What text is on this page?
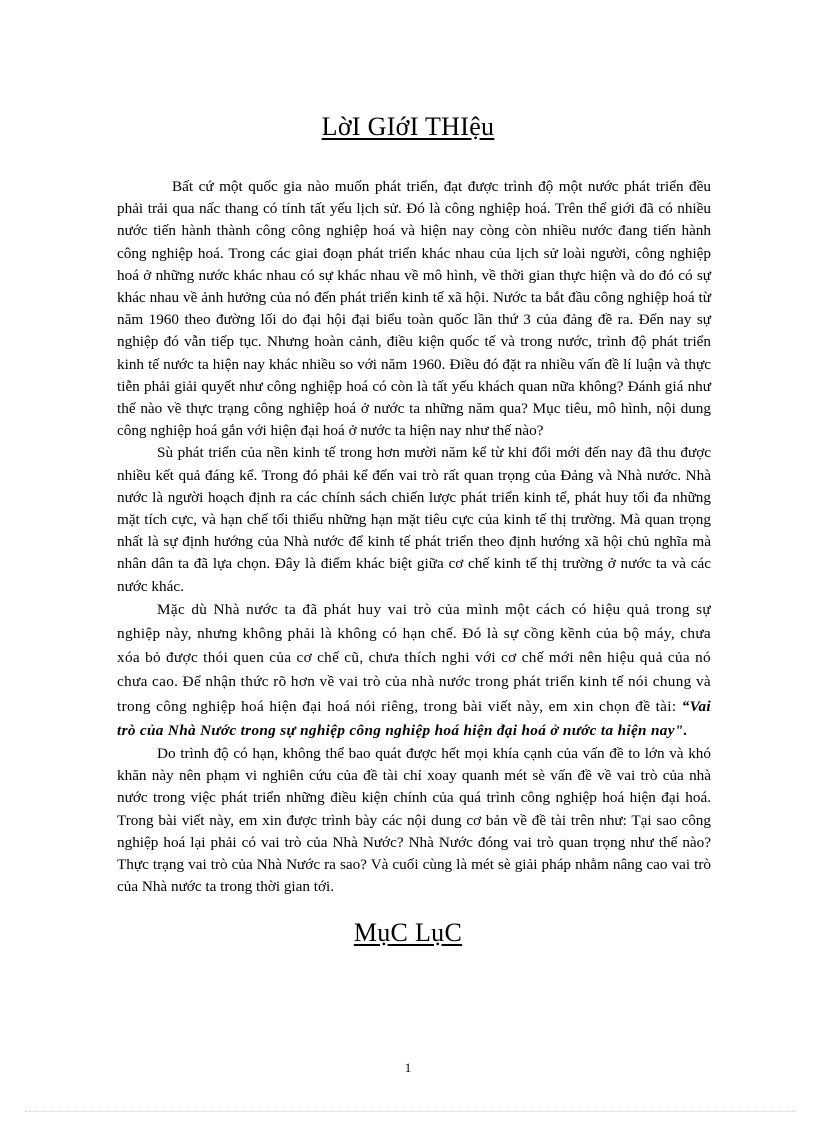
LờI GIớI THIệu

Bất cứ một quốc gia nào muốn phát triển, đạt được trình độ một nước phát triển đều phải trải qua nấc thang có tính tất yếu lịch sử. Đó là công nghiệp hoá. Trên thế giới đã có nhiều nước tiến hành thành công công nghiệp hoá và hiện nay còng còn nhiều nước đang tiến hành công nghiệp hoá. Trong các giai đoạn phát triển khác nhau của lịch sử loài người, công nghiệp hoá ở những nước khác nhau có sự khác nhau về mô hình, về thời gian thực hiện và do đó có sự khác nhau về ảnh hưởng của nó đến phát triển kinh tế xã hội. Nước ta bắt đầu công nghiệp hoá từ năm 1960 theo đường lối do đại hội đại biểu toàn quốc lần thứ 3 của đảng đề ra. Đến nay sự nghiệp đó vẫn tiếp tục. Nhưng hoàn cảnh, điều kiện quốc tế và trong nước, trình độ phát triển kinh tế nước ta hiện nay khác nhiều so với năm 1960. Điều đó đặt ra nhiều vấn đề lí luận và thực tiễn phải giải quyết như công nghiệp hoá có còn là tất yếu khách quan nữa không? Đánh giá như thế nào về thực trạng công nghiệp hoá ở nước ta những năm qua? Mục tiêu, mô hình, nội dung công nghiệp hoá gắn với hiện đại hoá ở nước ta hiện nay như thế nào?

Sù phát triển của nền kinh tế trong hơn mười năm kể từ khi đổi mới đến nay đã thu được nhiều kết quả đáng kể. Trong đó phải kể đến vai trò rất quan trọng của Đảng và Nhà nước. Nhà nước là người hoạch định ra các chính sách chiến lược phát triển kinh tế, phát huy tối đa những mặt tích cực, và hạn chế tối thiểu những hạn mặt tiêu cực của kinh tế thị trường. Mà quan trọng nhất là sự định hướng của Nhà nước để kinh tế phát triển theo định hướng xã hội chủ nghĩa mà nhân dân ta đã lựa chọn. Đây là điểm khác biệt giữa cơ chế kinh tế thị trường ở nước ta và các nước khác.

Mặc dù Nhà nước ta đã phát huy vai trò của mình một cách có hiệu quả trong sự nghiệp này, nhưng không phải là không có hạn chế. Đó là sự cồng kềnh của bộ máy, chưa xóa bỏ được thói quen của cơ chế cũ, chưa thích nghi với cơ chế mới nên hiệu quả của nó chưa cao. Để nhận thức rõ hơn về vai trò của nhà nước trong phát triển kinh tế nói chung và trong công nghiệp hoá hiện đại hoá nói riêng, trong bài viết này, em xin chọn đề tài: “Vai trò của Nhà Nước trong sự nghiệp công nghiệp hoá hiện đại hoá ở nước ta hiện nay".

Do trình độ có hạn, không thể bao quát được hết mọi khía cạnh của vấn đề to lớn và khó khăn này nên phạm vi nghiên cứu của đề tài chỉ xoay quanh mét sè vấn đề về vai trò của nhà nước trong việc phát triển những điều kiện chính của quá trình công nghiệp hoá hiện đại hoá. Trong bài viết này, em xin được trình bày các nội dung cơ bản về đề tài trên như: Tại sao công nghiệp hoá lại phải có vai trò của Nhà Nước? Nhà Nước đóng vai trò quan trọng như thế nào? Thực trạng vai trò của Nhà Nước ra sao? Và cuối cùng là mét sè giải pháp nhằm nâng cao vai trò của Nhà nước ta trong thời gian tới.

MụC LụC
1
